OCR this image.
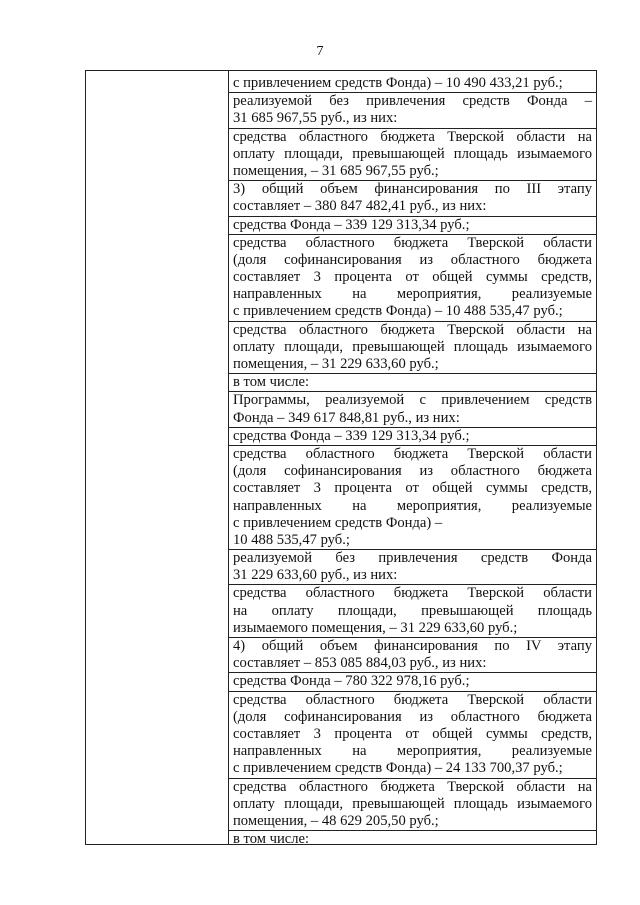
7
с привлечением средств Фонда) – 10 490 433,21 руб.;
реализуемой без привлечения средств Фонда –
31 685 967,55 руб., из них:
средства областного бюджета Тверской области на
оплату площади, превышающей площадь изымаемого
помещения, – 31 685 967,55 руб.;
3) общий объем финансирования по III этапу
составляет – 380 847 482,41 руб., из них:
средства Фонда – 339 129 313,34 руб.;
средства областного бюджета Тверской области
(доля софинансирования из областного бюджета
составляет 3 процента от общей суммы средств,
направленных на мероприятия, реализуемые
с привлечением средств Фонда) – 10 488 535,47 руб.;
средства областного бюджета Тверской области на
оплату площади, превышающей площадь изымаемого
помещения, – 31 229 633,60 руб.;
в том числе:
Программы, реализуемой с привлечением средств
Фонда – 349 617 848,81 руб., из них:
средства Фонда – 339 129 313,34 руб.;
средства областного бюджета Тверской области
(доля софинансирования из областного бюджета
составляет 3 процента от общей суммы средств,
направленных на мероприятия, реализуемые
с привлечением средств Фонда) –
10 488 535,47 руб.;
реализуемой без привлечения средств Фонда
31 229 633,60 руб., из них:
средства областного бюджета Тверской области
на оплату площади, превышающей площадь
изымаемого помещения, – 31 229 633,60 руб.;
4) общий объем финансирования по IV этапу
составляет – 853 085 884,03 руб., из них:
средства Фонда – 780 322 978,16 руб.;
средства областного бюджета Тверской области
(доля софинансирования из областного бюджета
составляет 3 процента от общей суммы средств,
направленных на мероприятия, реализуемые
с привлечением средств Фонда) – 24 133 700,37 руб.;
средства областного бюджета Тверской области на
оплату площади, превышающей площадь изымаемого
помещения, – 48 629 205,50 руб.;
в том числе:
